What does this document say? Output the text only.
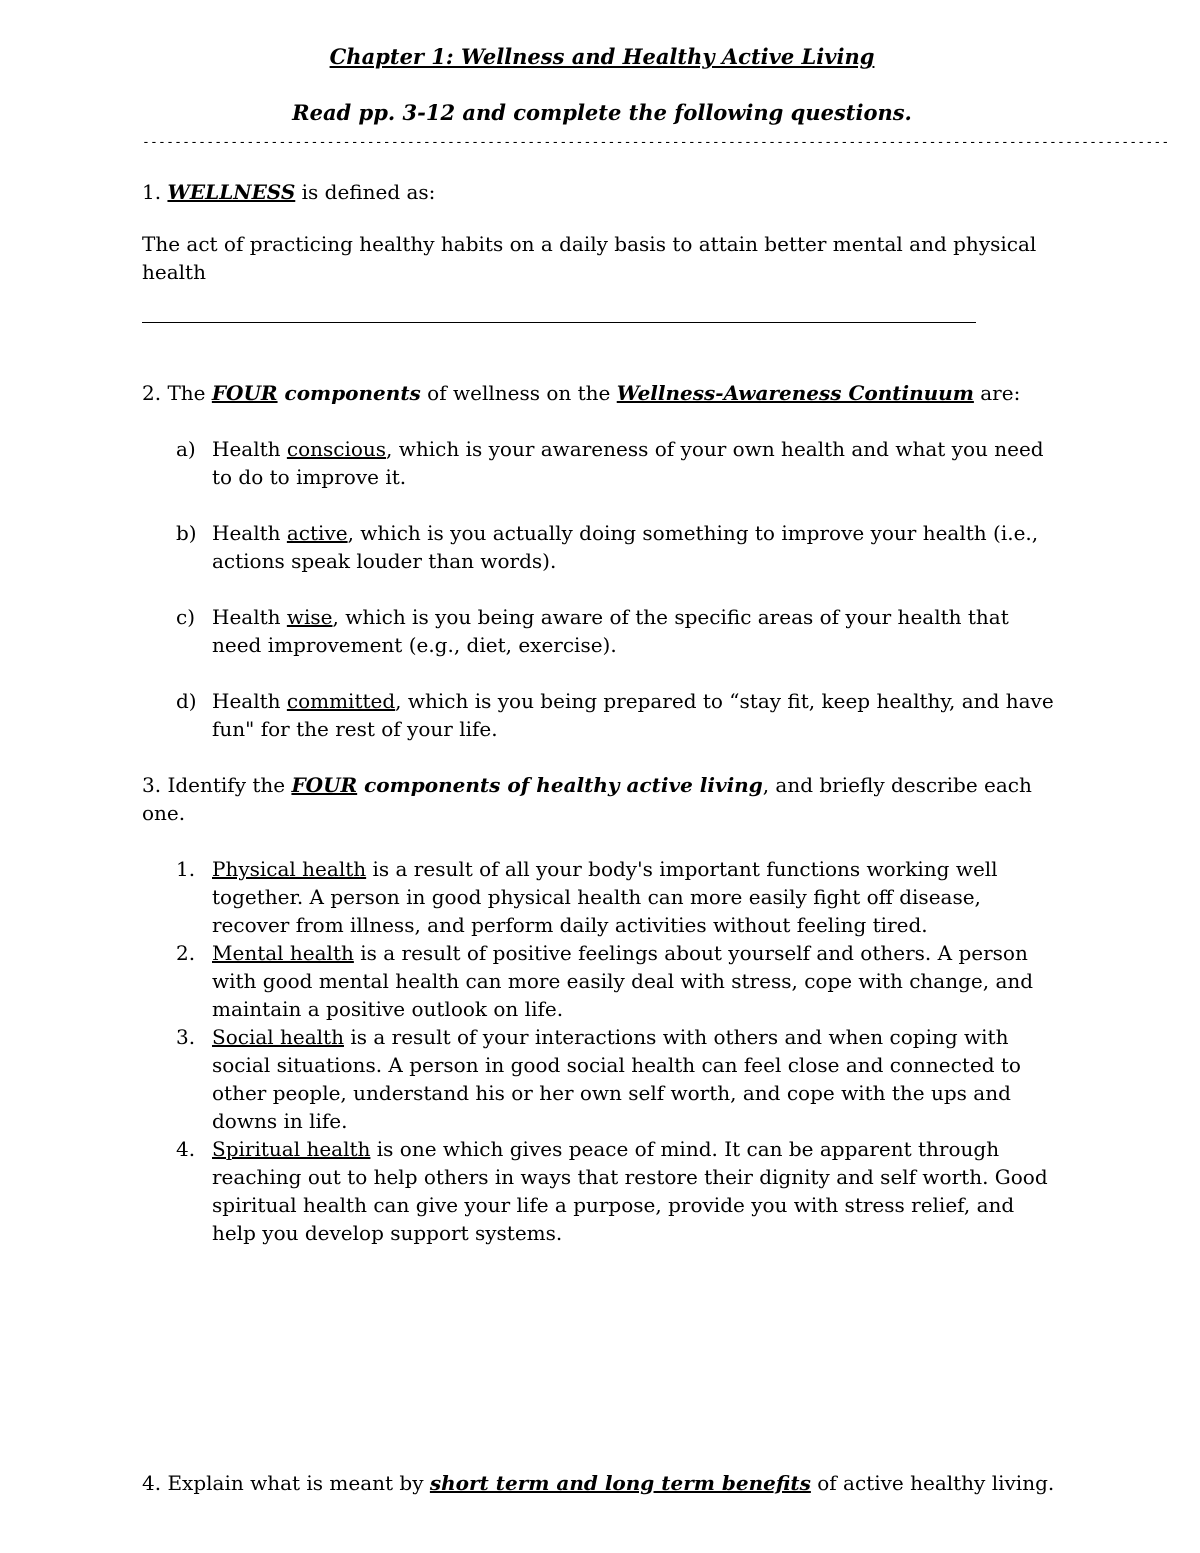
Chapter 1: Wellness and Healthy Active Living

Read pp. 3-12 and complete the following questions.

--------------------------------------------------------------------------------------------------------------------------------

1. WELLNESS is defined as:

The act of practicing healthy habits on a daily basis to attain better mental and physical health

2. The FOUR components of wellness on the Wellness-Awareness Continuum are:

a) Health conscious, which is your awareness of your own health and what you need to do to improve it.
b) Health active, which is you actually doing something to improve your health (i.e., actions speak louder than words).
c) Health wise, which is you being aware of the specific areas of your health that need improvement (e.g., diet, exercise).
d) Health committed, which is you being prepared to “stay fit, keep healthy, and have fun" for the rest of your life.

3. Identify the FOUR components of healthy active living, and briefly describe each one.

1. Physical health is a result of all your body's important functions working well together. A person in good physical health can more easily fight off disease, recover from illness, and perform daily activities without feeling tired.
2. Mental health is a result of positive feelings about yourself and others. A person with good mental health can more easily deal with stress, cope with change, and maintain a positive outlook on life.
3. Social health is a result of your interactions with others and when coping with social situations. A person in good social health can feel close and connected to other people, understand his or her own self worth, and cope with the ups and downs in life.
4. Spiritual health is one which gives peace of mind. It can be apparent through reaching out to help others in ways that restore their dignity and self worth. Good spiritual health can give your life a purpose, provide you with stress relief, and help you develop support systems.

4. Explain what is meant by short term and long term benefits of active healthy living.
